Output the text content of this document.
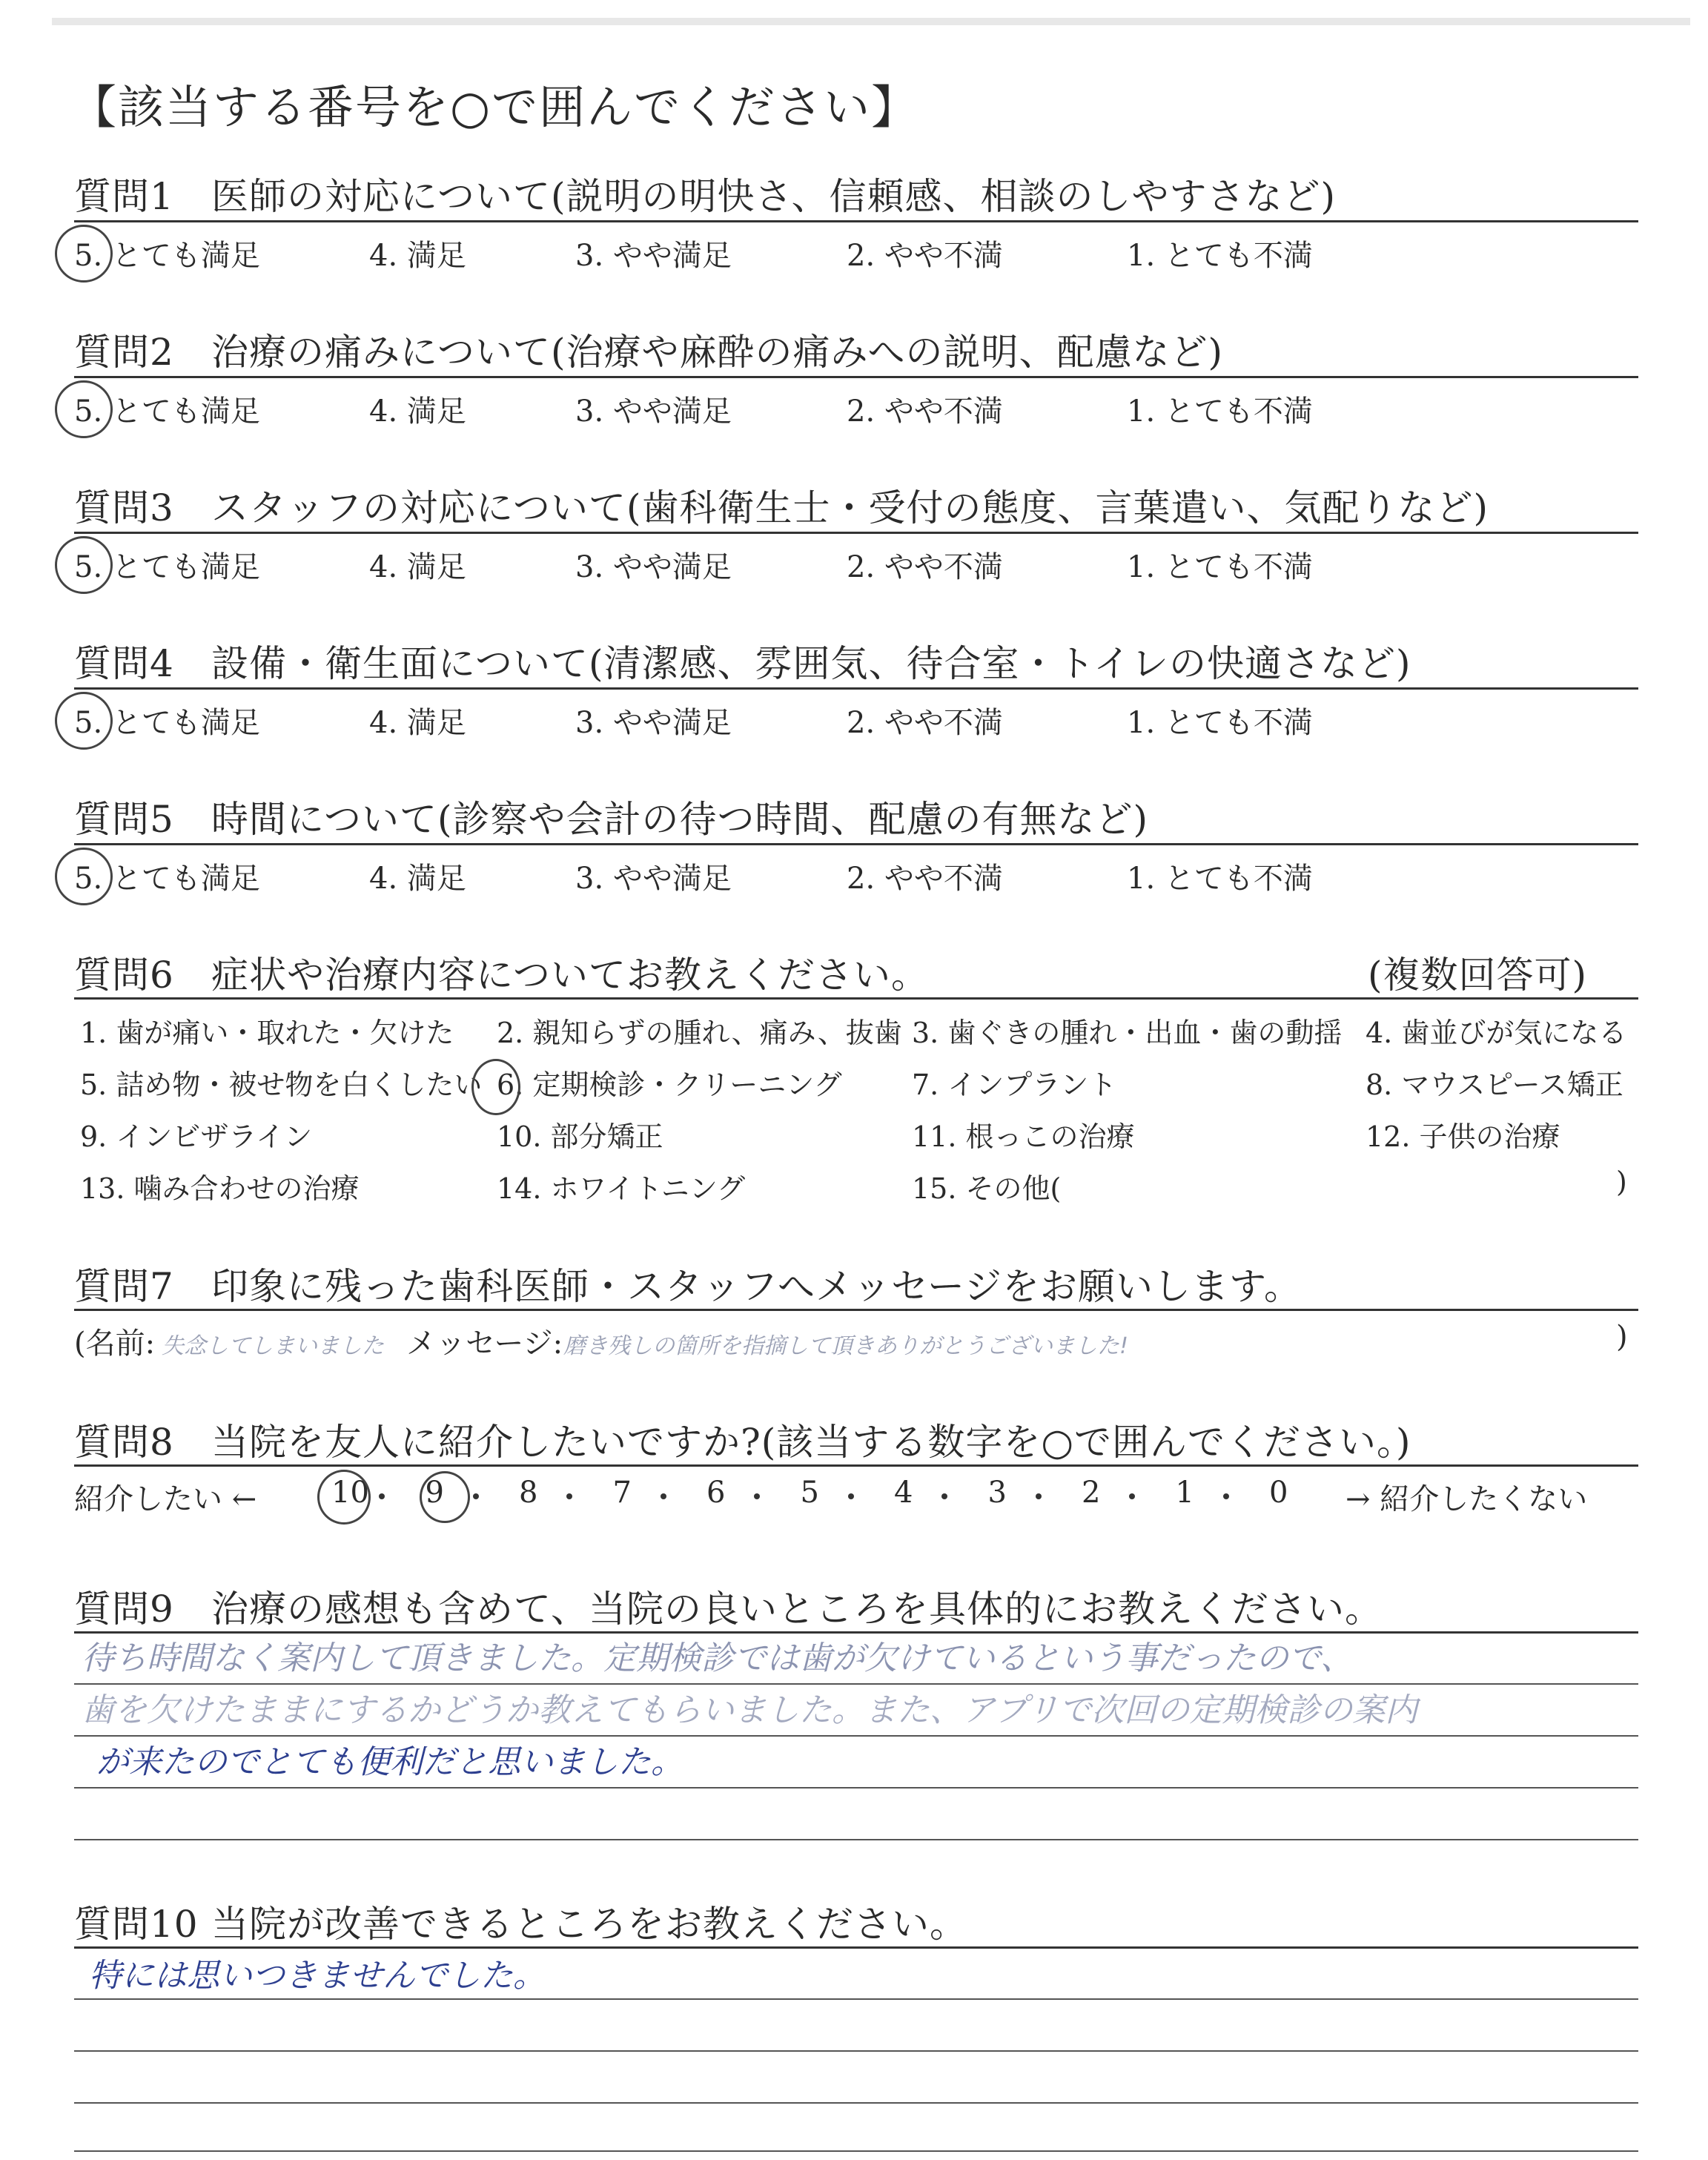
【該当する番号を○で囲んでください】
質問1 医師の対応について(説明の明快さ、信頼感、相談のしやすさなど)
5. とても満足	4. 満足	3. やや満足	2. やや不満	1. とても不満
質問2 治療の痛みについて(治療や麻酔の痛みへの説明、配慮など)
5. とても満足	4. 満足	3. やや満足	2. やや不満	1. とても不満
質問3 スタッフの対応について(歯科衛生士・受付の態度、言葉遣い、気配りなど)
5. とても満足	4. 満足	3. やや満足	2. やや不満	1. とても不満
質問4 設備・衛生面について(清潔感、雰囲気、待合室・トイレの快適さなど)
5. とても満足	4. 満足	3. やや満足	2. やや不満	1. とても不満
質問5 時間について(診察や会計の待つ時間、配慮の有無など)
5. とても満足	4. 満足	3. やや満足	2. やや不満	1. とても不満
質問6 症状や治療内容についてお教えください。	(複数回答可)
1. 歯が痛い・取れた・欠けた 2. 親知らずの腫れ、痛み、抜歯 3. 歯ぐきの腫れ・出血・歯の動揺 4. 歯並びが気になる
5. 詰め物・被せ物を白くしたい 6. 定期検診・クリーニング 7. インプラント	8. マウスピース矯正
9. インビザライン	10. 部分矯正	11. 根っこの治療	12. 子供の治療
13. 噛み合わせの治療	14. ホワイトニング	15. その他(	)
質問7 印象に残った歯科医師・スタッフへメッセージをお願いします。
(名前: 失念してしまいました メッセージ: 磨き残しの箇所を指摘して頂きありがとうございました!	)
質問8 当院を友人に紹介したいですか?(該当する数字を○で囲んでください。)
紹介したい ←	→ 紹介したくない
10 9	8	7	6	5	4	3	2	1	0
質問9 治療の感想も含めて、当院の良いところを具体的にお教えください。
待ち時間なく案内して頂きました。定期検診では歯が欠けているという事だったので、
歯を欠けたままにするかどうか教えてもらいました。また、アプリで次回の定期検診の案内
が来たのでとても便利だと思いました。
質問10 当院が改善できるところをお教えください。
特には思いつきませんでした。
